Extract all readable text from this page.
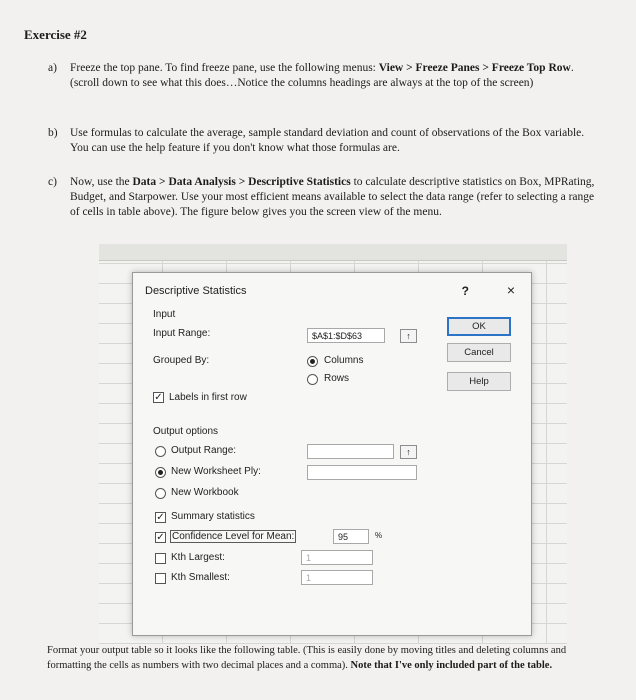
Exercise #2
a) Freeze the top pane. To find freeze pane, use the following menus: View > Freeze Panes > Freeze Top Row. (scroll down to see what this does…Notice the columns headings are always at the top of the screen)
b) Use formulas to calculate the average, sample standard deviation and count of observations of the Box variable. You can use the help feature if you don't know what those formulas are.
c) Now, use the Data > Data Analysis > Descriptive Statistics to calculate descriptive statistics on Box, MPRating, Budget, and Starpower. Use your most efficient means available to select the data range (refer to selecting a range of cells in table above). The figure below gives you the screen view of the menu.
Descriptive Statistics	?	×
Input
Input Range:	$A$1:$D$63	↑
Grouped By:	Columns
Rows
✓ Labels in first row
OK
Cancel
Help
Output options
Output Range:	↑
New Worksheet Ply:
New Workbook
✓ Summary statistics
✓ Confidence Level for Mean:	95	%
Kth Largest:	1
Kth Smallest:	1
Format your output table so it looks like the following table. (This is easily done by moving titles and deleting columns and formatting the cells as numbers with two decimal places and a comma). Note that I've only included part of the table.
